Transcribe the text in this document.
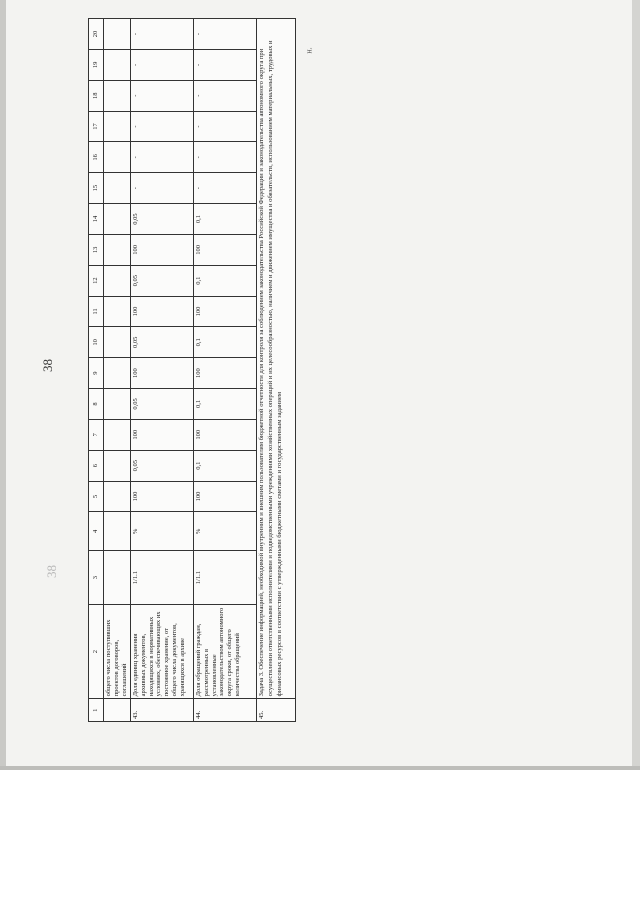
38
38
1	2	3	4	5	6	7	8	9	10	11	12	13	14	15	16	17	18	19	20
	общего числа поступивших проектов договоров, соглашений																		
43.	Доля единиц хранения архивных документов, находящихся в нормативных условиях, обеспечивающих их постоянное хранение, от общего числа документов, хранящихся в архиве	1/1.1	%	100	0,05	100	0,05	100	0,05	100	0,05	100	0,05	-	-	-	-	-	-
44.	Доля обращений граждан, рассмотренных в установленные законодательством автономного округа сроки, от общего количества обращений	1/1.1	%	100	0,1	100	0,1	100	0,1	100	0,1	100	0,1	-	-	-	-	-	-
45.	Задача 3. Обеспечение информацией, необходимой внутренним и внешним пользователям бюджетной отчетности для контроля за соблюдением законодательства Российской Федерации и законодательства автономного округа при осуществлении ответственными исполнителями и подведомственными учреждениями хозяйственных операций и их целесообразностью, наличием и движением имущества и обязательств, использованием материальных, трудовых и финансовых ресурсов в соответствии с утвержденными бюджетными сметами и государственным заданием																		
н.
